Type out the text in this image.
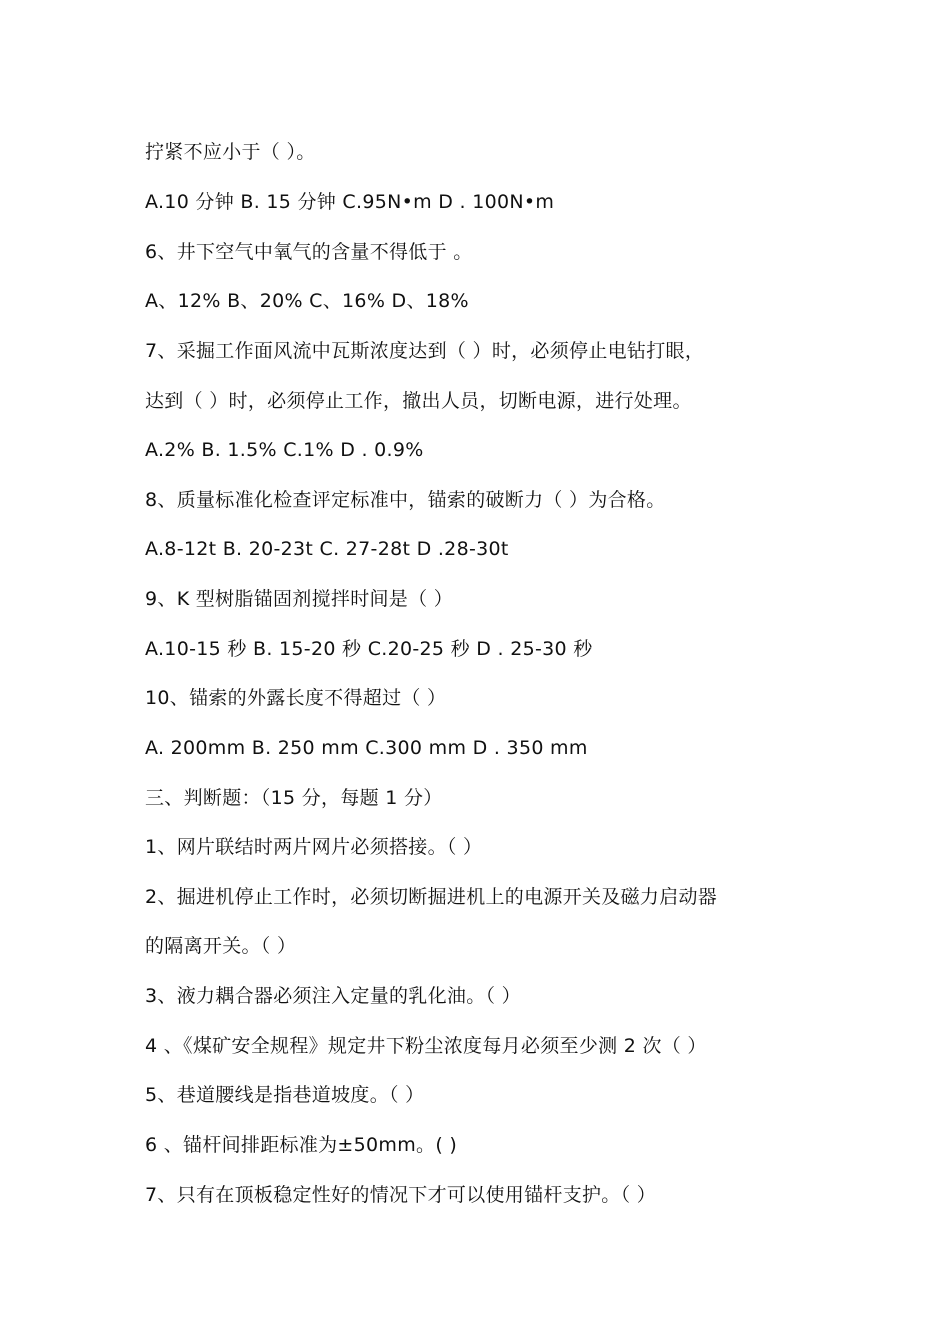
拧紧不应小于（ ）。
A.10 分钟 B. 15 分钟 C.95N•m D . 100N•m
6、井下空气中氧气的含量不得低于 。
A、12% B、20% C、16% D、18%
7、采掘工作面风流中瓦斯浓度达到（ ）时，必须停止电钻打眼，
达到（ ）时，必须停止工作，撤出人员，切断电源，进行处理。
A.2% B. 1.5% C.1% D . 0.9%
8、质量标准化检查评定标准中，锚索的破断力（ ）为合格。
A.8-12t B. 20-23t C. 27-28t D .28-30t
9、K 型树脂锚固剂搅拌时间是（ ）
A.10-15 秒 B. 15-20 秒 C.20-25 秒 D . 25-30 秒
10、锚索的外露长度不得超过（ ）
A. 200mm B. 250 mm C.300 mm D . 350 mm
三、判断题：（15 分，每题 1 分）
1、网片联结时两片网片必须搭接。（ ）
2、掘进机停止工作时，必须切断掘进机上的电源开关及磁力启动器
的隔离开关。（ ）
3、液力耦合器必须注入定量的乳化油。（ ）
4 、《煤矿安全规程》规定井下粉尘浓度每月必须至少测 2 次（ ）
5、巷道腰线是指巷道坡度。（ ）
6 、锚杆间排距标准为±50mm。( )
7、只有在顶板稳定性好的情况下才可以使用锚杆支护。（ ）
